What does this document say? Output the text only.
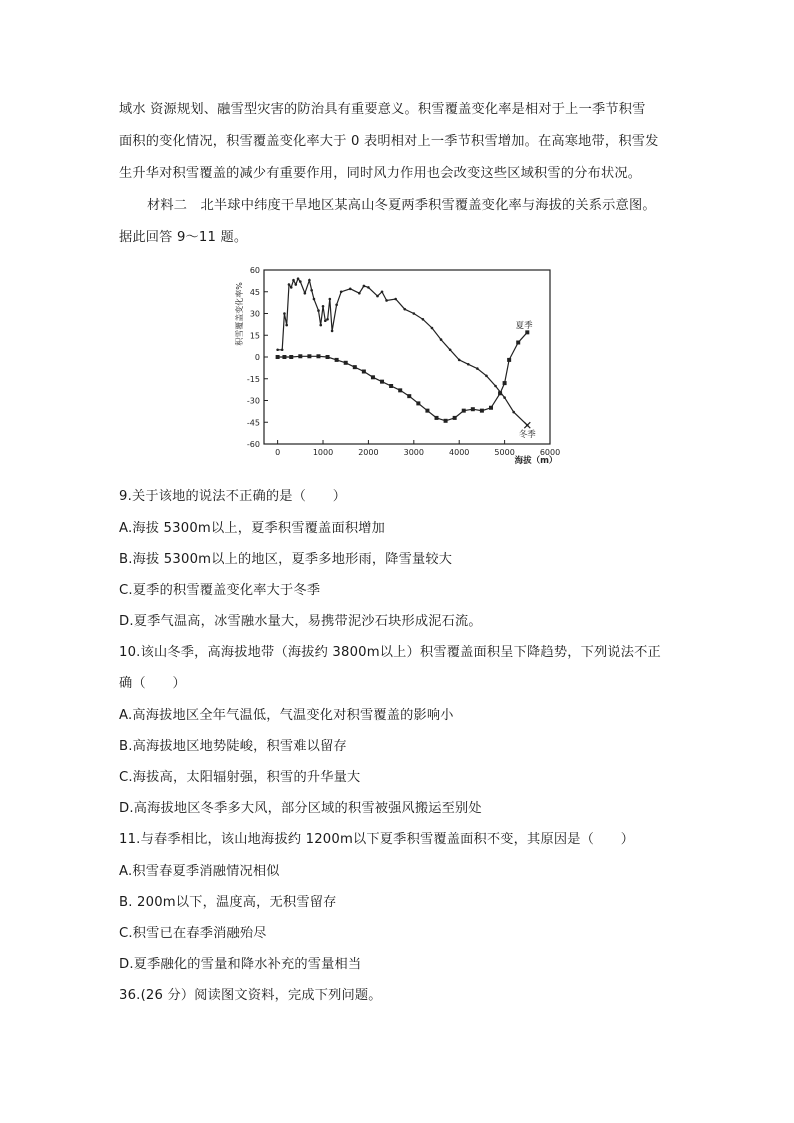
域水 资源规划、融雪型灾害的防治具有重要意义。积雪覆盖变化率是相对于上一季节积雪
面积的变化情况，积雪覆盖变化率大于 0 表明相对上一季节积雪增加。在高寒地带，积雪发
生升华对积雪覆盖的减少有重要作用，同时风力作用也会改变这些区域积雪的分布状况。
材料二　北半球中纬度干旱地区某高山冬夏两季积雪覆盖变化率与海拔的关系示意图。
据此回答 9～11 题。
60
45
30
15
0
-15
-30
-45
-60
0	1000	2000	3000	4000	5000	6000
夏季
冬季
积雪覆盖变化率%
海拔（m）
9.关于该地的说法不正确的是（　　）
A.海拔 5300m以上，夏季积雪覆盖面积增加
B.海拔 5300m以上的地区，夏季多地形雨，降雪量较大
C.夏季的积雪覆盖变化率大于冬季
D.夏季气温高，冰雪融水量大，易携带泥沙石块形成泥石流。
10.该山冬季，高海拔地带（海拔约 3800m以上）积雪覆盖面积呈下降趋势，下列说法不正
确（　　）
A.高海拔地区全年气温低，气温变化对积雪覆盖的影响小
B.高海拔地区地势陡峻，积雪难以留存
C.海拔高，太阳辐射强，积雪的升华量大
D.高海拔地区冬季多大风，部分区域的积雪被强风搬运至别处
11.与春季相比，该山地海拔约 1200m以下夏季积雪覆盖面积不变，其原因是（　　）
A.积雪春夏季消融情况相似
B. 200m以下，温度高，无积雪留存
C.积雪已在春季消融殆尽
D.夏季融化的雪量和降水补充的雪量相当
36.(26 分）阅读图文资料，完成下列问题。
